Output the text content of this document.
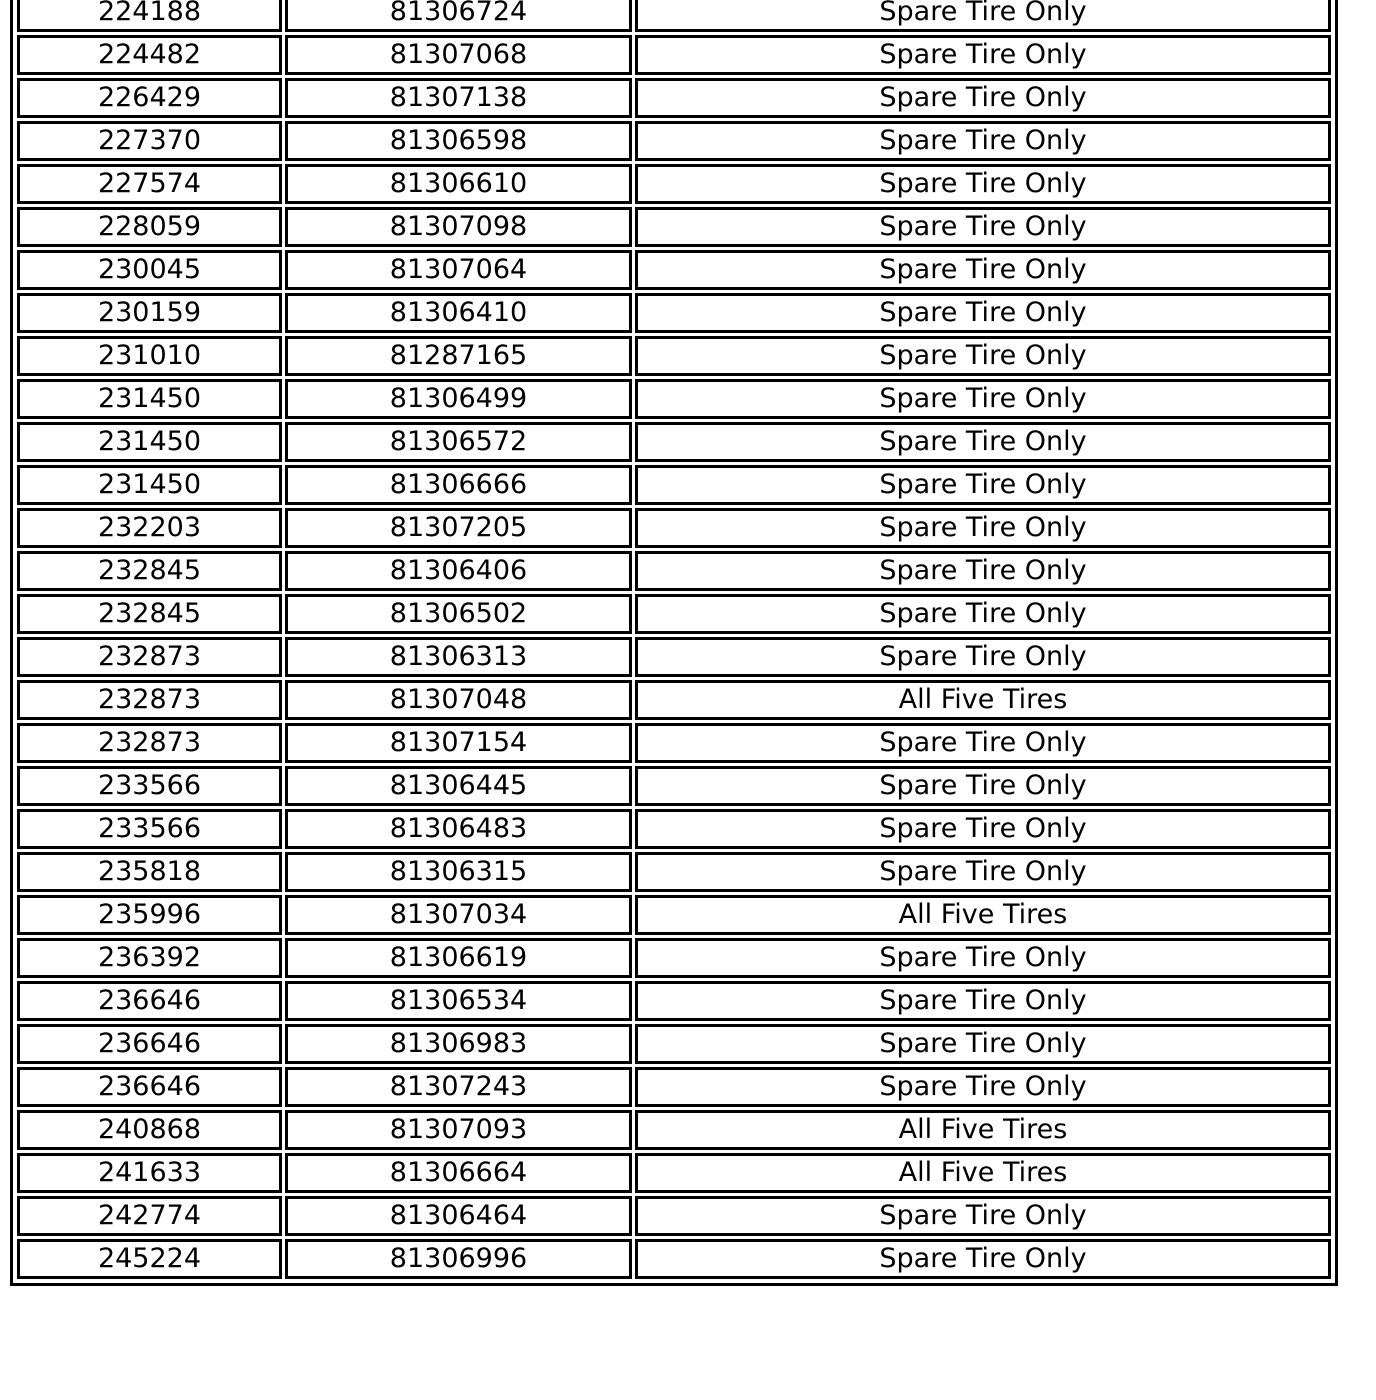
224188	81306724	Spare Tire Only
224482	81307068	Spare Tire Only
226429	81307138	Spare Tire Only
227370	81306598	Spare Tire Only
227574	81306610	Spare Tire Only
228059	81307098	Spare Tire Only
230045	81307064	Spare Tire Only
230159	81306410	Spare Tire Only
231010	81287165	Spare Tire Only
231450	81306499	Spare Tire Only
231450	81306572	Spare Tire Only
231450	81306666	Spare Tire Only
232203	81307205	Spare Tire Only
232845	81306406	Spare Tire Only
232845	81306502	Spare Tire Only
232873	81306313	Spare Tire Only
232873	81307048	All Five Tires
232873	81307154	Spare Tire Only
233566	81306445	Spare Tire Only
233566	81306483	Spare Tire Only
235818	81306315	Spare Tire Only
235996	81307034	All Five Tires
236392	81306619	Spare Tire Only
236646	81306534	Spare Tire Only
236646	81306983	Spare Tire Only
236646	81307243	Spare Tire Only
240868	81307093	All Five Tires
241633	81306664	All Five Tires
242774	81306464	Spare Tire Only
245224	81306996	Spare Tire Only
